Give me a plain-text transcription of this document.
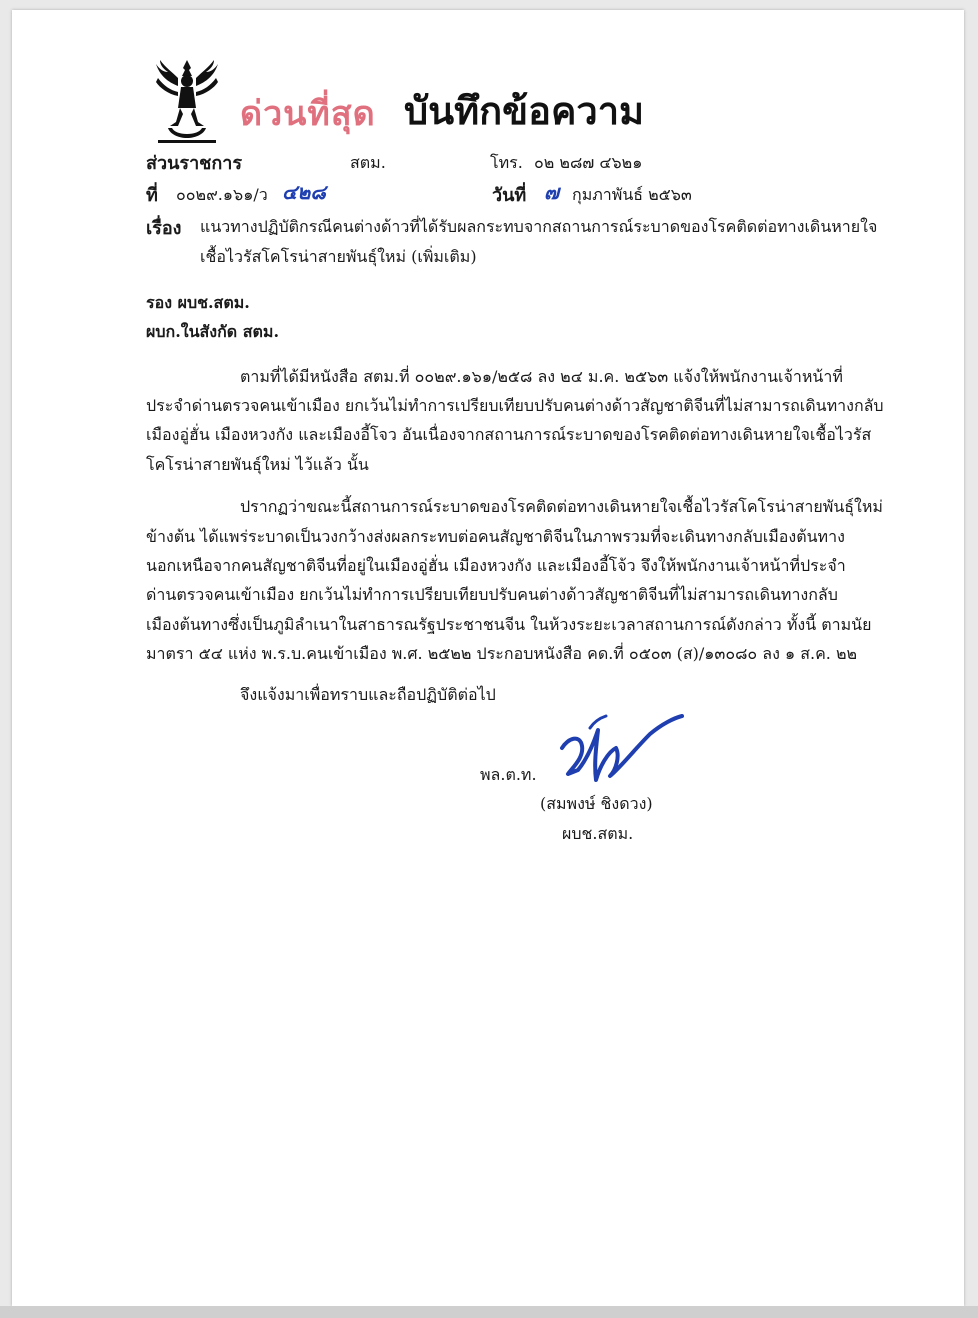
ด่วนที่สุด บันทึกข้อความ
ส่วนราชการ	สตม.	โทร. ๐๒ ๒๘๗ ๔๖๒๑
ที่ ๐๐๒๙.๑๖๑/ว ๔๒๘	วันที่ ๗ กุมภาพันธ์ ๒๕๖๓
เรื่อง แนวทางปฏิบัติกรณีคนต่างด้าวที่ได้รับผลกระทบจากสถานการณ์ระบาดของโรคติดต่อทางเดินหายใจ
เชื้อไวรัสโคโรน่าสายพันธุ์ใหม่ (เพิ่มเติม)
รอง ผบช.สตม.
ผบก.ในสังกัด สตม.
ตามที่ได้มีหนังสือ สตม.ที่ ๐๐๒๙.๑๖๑/๒๕๘ ลง ๒๔ ม.ค. ๒๕๖๓ แจ้งให้พนักงานเจ้าหน้าที่
ประจำด่านตรวจคนเข้าเมือง ยกเว้นไม่ทำการเปรียบเทียบปรับคนต่างด้าวสัญชาติจีนที่ไม่สามารถเดินทางกลับ
เมืองอู่ฮั่น เมืองหวงกัง และเมืองอี้โจว อันเนื่องจากสถานการณ์ระบาดของโรคติดต่อทางเดินหายใจเชื้อไวรัส
โคโรน่าสายพันธุ์ใหม่ ไว้แล้ว นั้น
ปรากฏว่าขณะนี้สถานการณ์ระบาดของโรคติดต่อทางเดินหายใจเชื้อไวรัสโคโรน่าสายพันธุ์ใหม่
ข้างต้น ได้แพร่ระบาดเป็นวงกว้างส่งผลกระทบต่อคนสัญชาติจีนในภาพรวมที่จะเดินทางกลับเมืองต้นทาง
นอกเหนือจากคนสัญชาติจีนที่อยู่ในเมืองอู่ฮั่น เมืองหวงกัง และเมืองอี้โจ้ว จึงให้พนักงานเจ้าหน้าที่ประจำ
ด่านตรวจคนเข้าเมือง ยกเว้นไม่ทำการเปรียบเทียบปรับคนต่างด้าวสัญชาติจีนที่ไม่สามารถเดินทางกลับ
เมืองต้นทางซึ่งเป็นภูมิลำเนาในสาธารณรัฐประชาชนจีน ในห้วงระยะเวลาสถานการณ์ดังกล่าว ทั้งนี้ ตามนัย
มาตรา ๕๔ แห่ง พ.ร.บ.คนเข้าเมือง พ.ศ. ๒๕๒๒ ประกอบหนังสือ คด.ที่ ๐๕๐๓ (ส)/๑๓๐๘๐ ลง ๑ ส.ค. ๒๒
จึงแจ้งมาเพื่อทราบและถือปฏิบัติต่อไป
พล.ต.ท.
(สมพงษ์ ชิงดวง)
ผบช.สตม.
